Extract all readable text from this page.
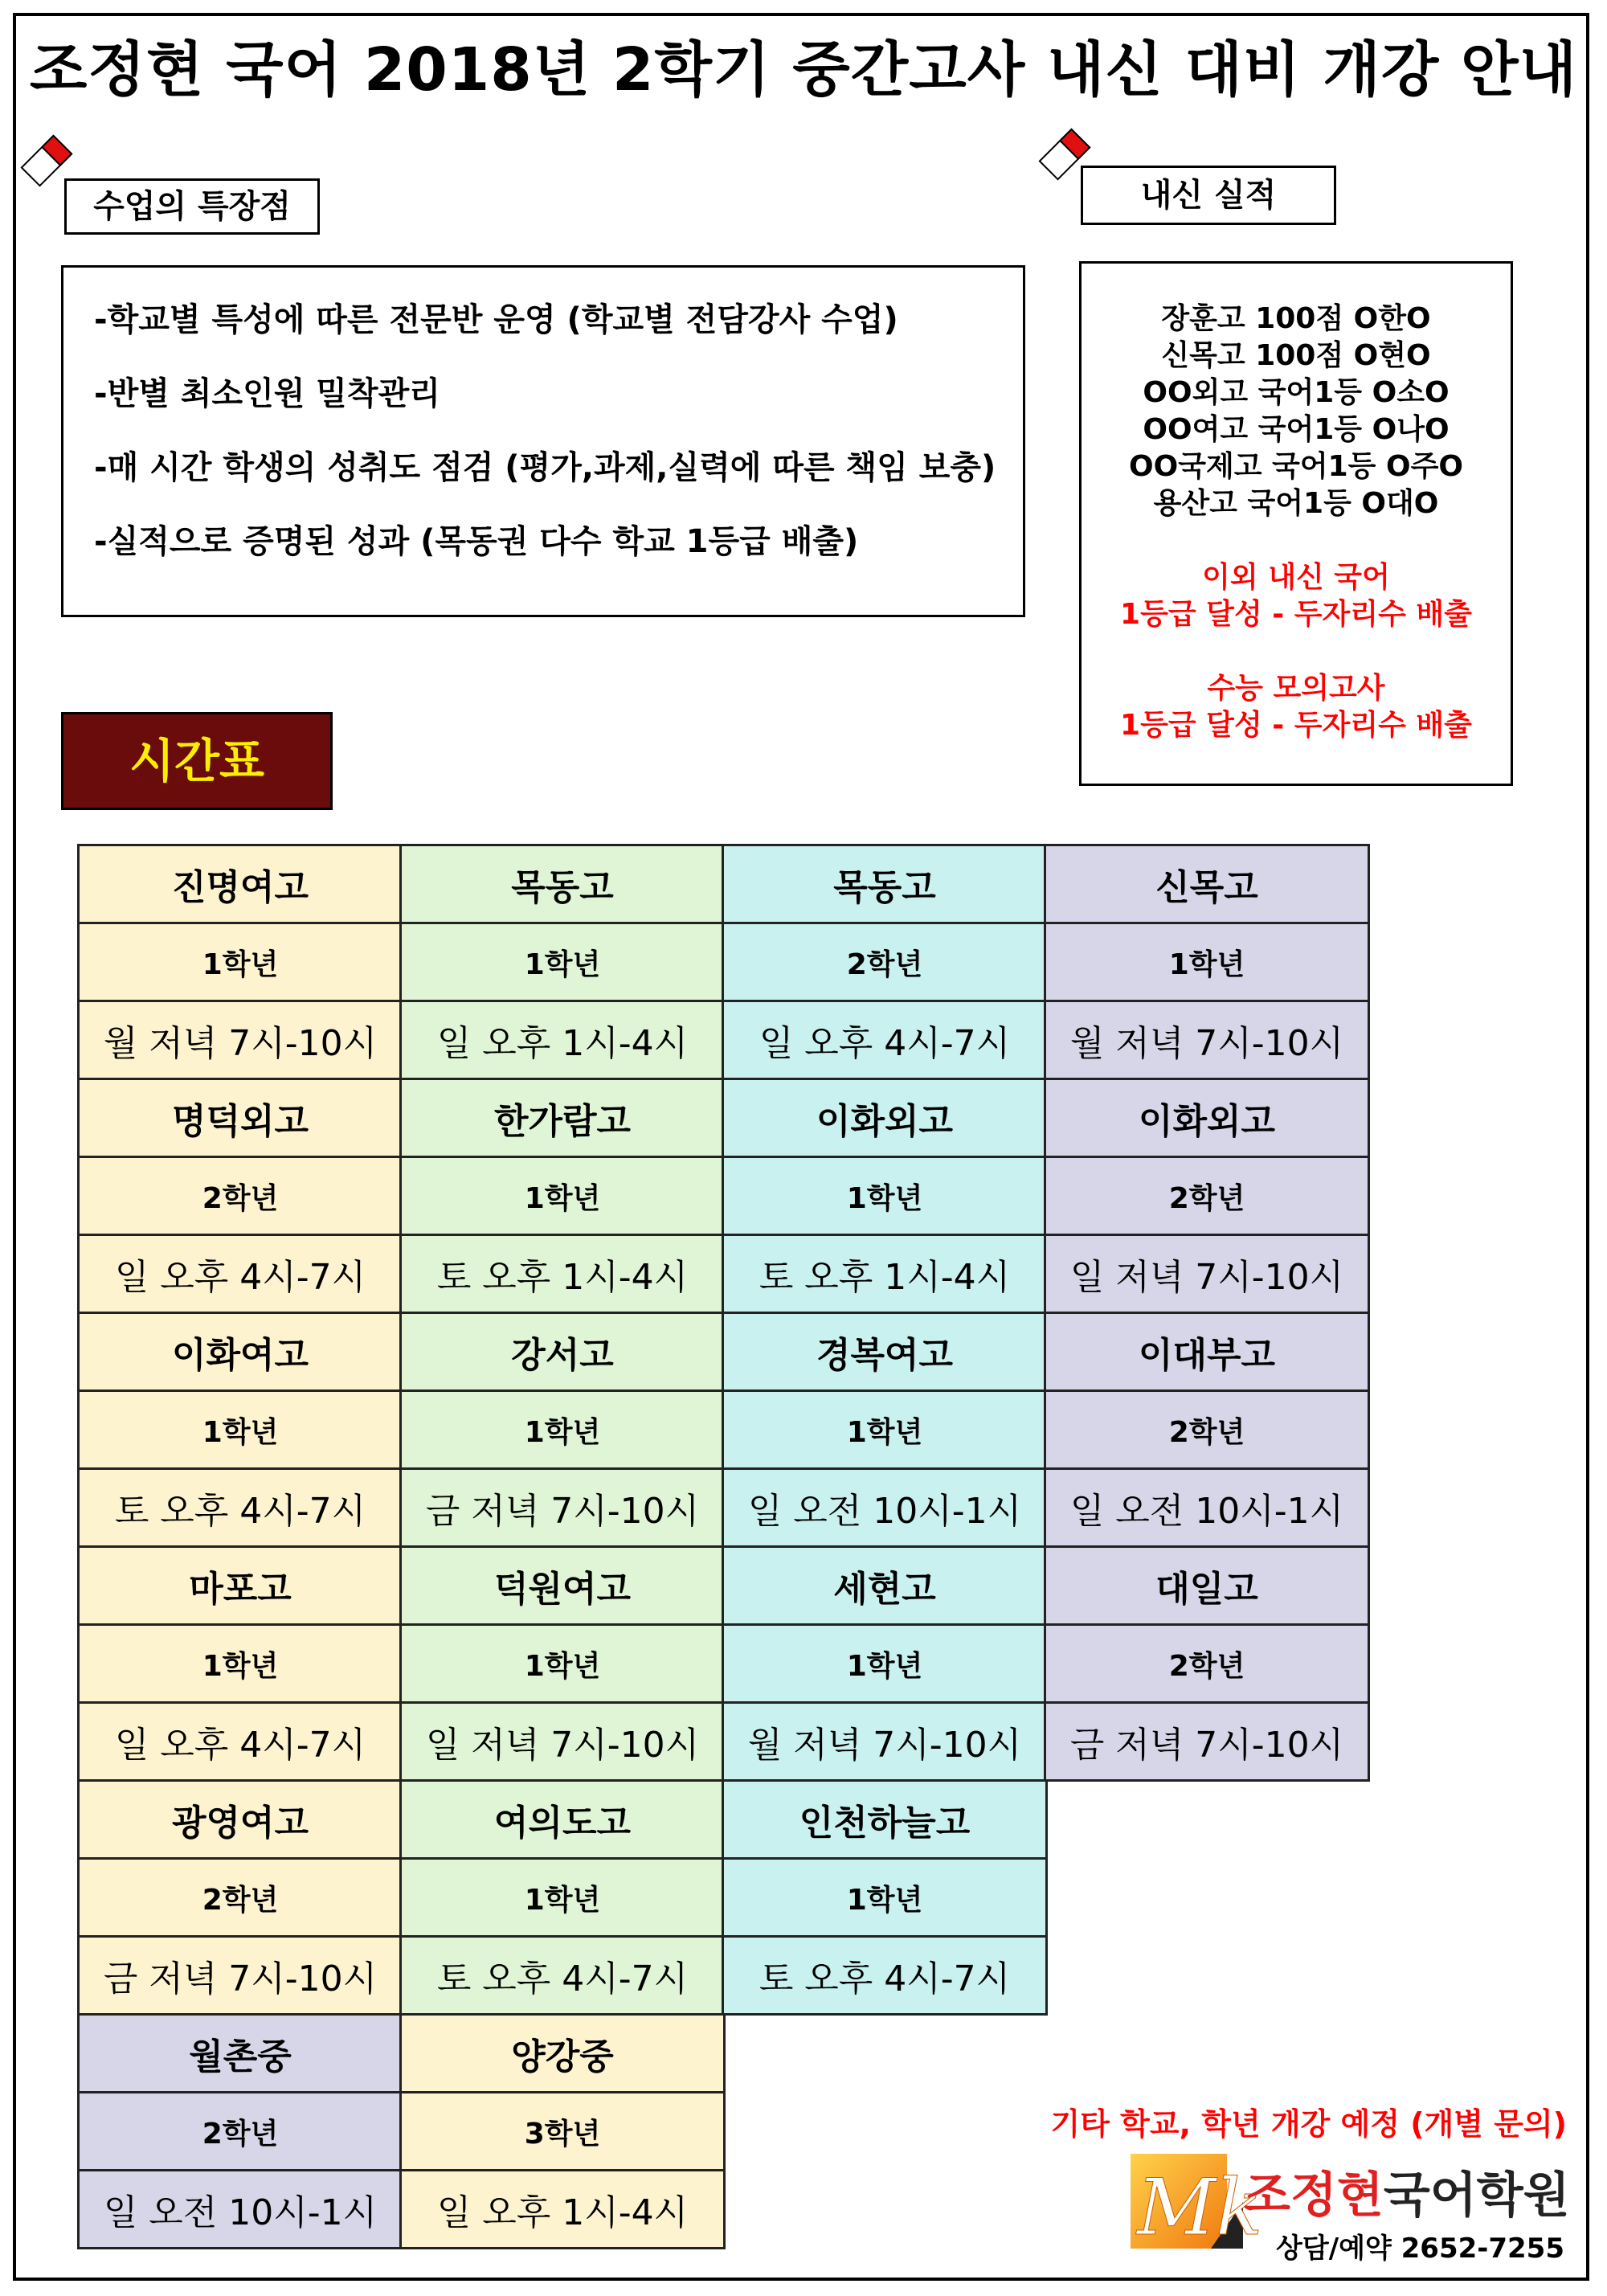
조정현 국어 2018년 2학기 중간고사 내신 대비 개강 안내
수업의 특장점
-학교별 특성에 따른 전문반 운영 (학교별 전담강사 수업)
-반별 최소인원 밀착관리
-매 시간 학생의 성취도 점검 (평가,과제,실력에 따른 책임 보충)
-실적으로 증명된 성과 (목동권 다수 학교 1등급 배출)
내신 실적
장훈고 100점 O한O
신목고 100점 O현O
OO외고 국어1등 O소O
OO여고 국어1등 O나O
OO국제고 국어1등 O주O
용산고 국어1등 O대O
이외 내신 국어
1등급 달성 - 두자리수 배출
수능 모의고사
1등급 달성 - 두자리수 배출
시간표
진명여고
1학년
월 저녁 7시-10시
목동고
1학년
일 오후 1시-4시
목동고
2학년
일 오후 4시-7시
신목고
1학년
월 저녁 7시-10시
명덕외고
2학년
일 오후 4시-7시
한가람고
1학년
토 오후 1시-4시
이화외고
1학년
토 오후 1시-4시
이화외고
2학년
일 저녁 7시-10시
이화여고
1학년
토 오후 4시-7시
강서고
1학년
금 저녁 7시-10시
경복여고
1학년
일 오전 10시-1시
이대부고
2학년
일 오전 10시-1시
마포고
1학년
일 오후 4시-7시
덕원여고
1학년
일 저녁 7시-10시
세현고
1학년
월 저녁 7시-10시
대일고
2학년
금 저녁 7시-10시
광영여고
2학년
금 저녁 7시-10시
여의도고
1학년
토 오후 4시-7시
인천하늘고
1학년
토 오후 4시-7시
월촌중
2학년
일 오전 10시-1시
양강중
3학년
일 오후 1시-4시
기타 학교, 학년 개강 예정 (개별 문의)
Mk
조정현국어학원
상담/예약 2652-7255
